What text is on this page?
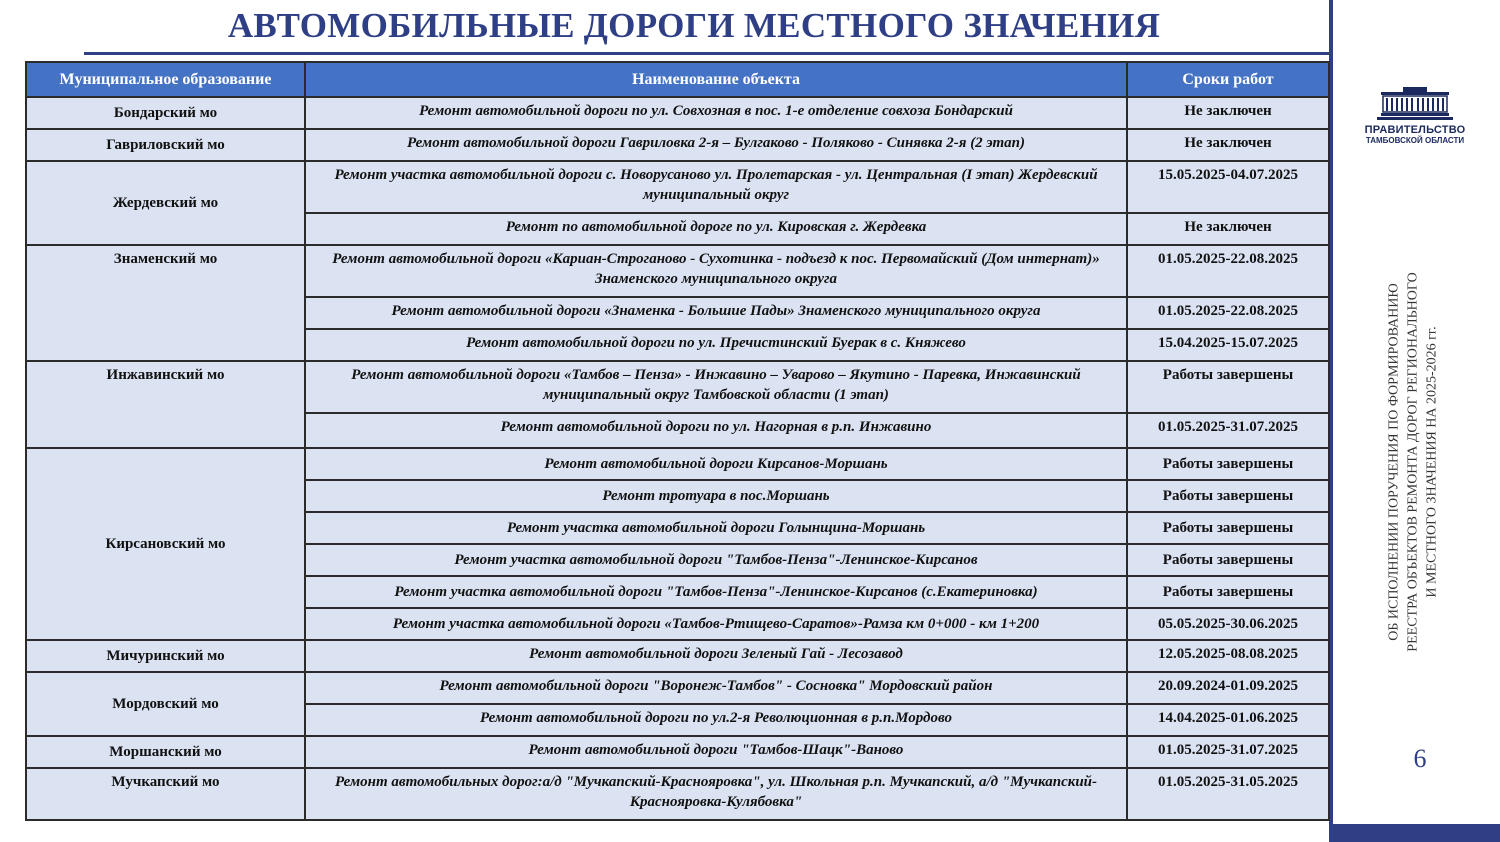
АВТОМОБИЛЬНЫЕ ДОРОГИ МЕСТНОГО ЗНАЧЕНИЯ
ПРАВИТЕЛЬСТВО
ТАМБОВСКОЙ ОБЛАСТИ
ОБ ИСПОЛНЕНИИ ПОРУЧЕНИЯ ПО ФОРМИРОВАНИЮ РЕЕСТРА ОБЪЕКТОВ РЕМОНТА ДОРОГ РЕГИОНАЛЬНОГО И МЕСТНОГО ЗНАЧЕНИЯ НА 2025-2026 гг.
6
Муниципальное образование	Наименование объекта	Сроки работ
Бондарский мо	Ремонт автомобильной дороги по ул. Совхозная в пос. 1-е отделение совхоза Бондарский	Не заключен
Гавриловский мо	Ремонт автомобильной дороги Гавриловка 2-я – Булгаково - Поляково - Синявка 2-я (2 этап)	Не заключен
Жердевский мо	Ремонт участка автомобильной дороги с. Новорусаново ул. Пролетарская - ул. Центральная (I этап) Жердевский муниципальный округ	15.05.2025-04.07.2025
	Ремонт по автомобильной дороге по ул. Кировская г. Жердевка	Не заключен
Знаменский мо	Ремонт автомобильной дороги «Кариан-Строганово - Сухотинка - подъезд к пос. Первомайский (Дом интернат)» Знаменского муниципального округа	01.05.2025-22.08.2025
	Ремонт автомобильной дороги «Знаменка - Большие Пады» Знаменского муниципального округа	01.05.2025-22.08.2025
	Ремонт автомобильной дороги по ул. Пречистинский Буерак в с. Княжево	15.04.2025-15.07.2025
Инжавинский мо	Ремонт автомобильной дороги «Тамбов – Пенза» - Инжавино – Уварово – Якутино - Паревка, Инжавинский муниципальный округ Тамбовской области (1 этап)	Работы завершены
	Ремонт автомобильной дороги по ул. Нагорная в р.п. Инжавино	01.05.2025-31.07.2025
Кирсановский мо	Ремонт автомобильной дороги Кирсанов-Моршань	Работы завершены
	Ремонт тротуара в пос.Моршань	Работы завершены
	Ремонт участка автомобильной дороги Голынщина-Моршань	Работы завершены
	Ремонт участка автомобильной дороги "Тамбов-Пенза"-Ленинское-Кирсанов	Работы завершены
	Ремонт участка автомобильной дороги "Тамбов-Пенза"-Ленинское-Кирсанов (с.Екатериновка)	Работы завершены
	Ремонт участка автомобильной дороги «Тамбов-Ртищево-Саратов»-Рамза км 0+000 - км 1+200	05.05.2025-30.06.2025
Мичуринский мо	Ремонт автомобильной дороги Зеленый Гай - Лесозавод	12.05.2025-08.08.2025
Мордовский мо	Ремонт автомобильной дороги "Воронеж-Тамбов" - Сосновка" Мордовский район	20.09.2024-01.09.2025
	Ремонт автомобильной дороги по ул.2-я Революционная в р.п.Мордово	14.04.2025-01.06.2025
Моршанский мо	Ремонт автомобильной дороги "Тамбов-Шацк"-Ваново	01.05.2025-31.07.2025
Мучкапский мо	Ремонт автомобильных дорог:а/д "Мучкапский-Краснояровка", ул. Школьная р.п. Мучкапский, а/д "Мучкапский-Краснояровка-Кулябовка"	01.05.2025-31.05.2025
